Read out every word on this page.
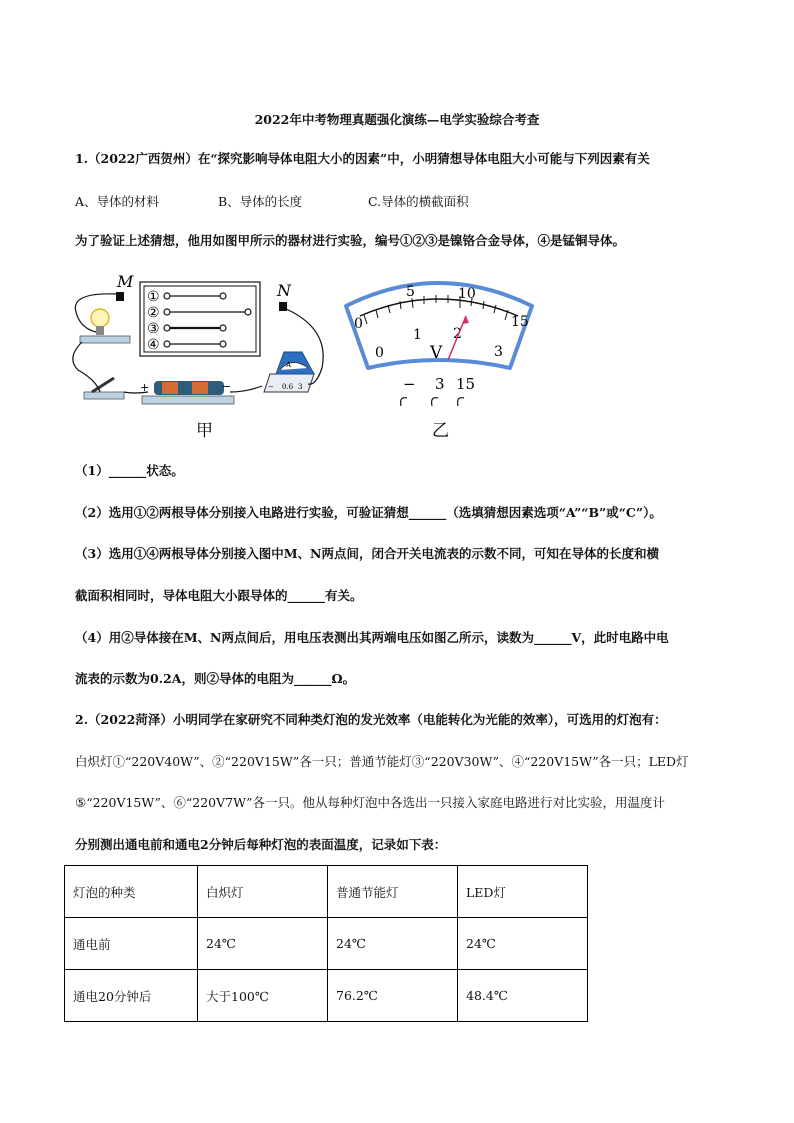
2022年中考物理真题强化演练—电学实验综合考查
1.（2022广西贺州）在“探究影响导体电阻大小的因素”中，小明猜想导体电阻大小可能与下列因素有关
A、导体的材料	B、导体的长度	C.导体的横截面积
为了验证上述猜想，他用如图甲所示的器材进行实验，编号①②③是镍铬合金导体，④是锰铜导体。
M	N
①
②
③
④
+	−
A
− 0.6 3
甲
0
5	10
15
0
1 2
3
V
− 3 15
乙
（1）______状态。
（2）选用①②两根导体分别接入电路进行实验，可验证猜想______（选填猜想因素选项“A”“B”或“C”）。
（3）选用①④两根导体分别接入图中M、N两点间，闭合开关电流表的示数不同，可知在导体的长度和横
截面积相同时，导体电阻大小跟导体的______有关。
（4）用②导体接在M、N两点间后，用电压表测出其两端电压如图乙所示，读数为______V，此时电路中电
流表的示数为0.2A，则②导体的电阻为______Ω。
2.（2022菏泽）小明同学在家研究不同种类灯泡的发光效率（电能转化为光能的效率），可选用的灯泡有：
白炽灯①“220V40W”、②“220V15W”各一只；普通节能灯③“220V30W”、④“220V15W”各一只；LED灯
⑤“220V15W”、⑥“220V7W”各一只。他从每种灯泡中各选出一只接入家庭电路进行对比实验，用温度计
分别测出通电前和通电2分钟后每种灯泡的表面温度，记录如下表：
灯泡的种类	白炽灯	普通节能灯	LED灯
通电前	24℃	24℃	24℃
通电20分钟后	大于100℃	76.2℃	48.4℃
